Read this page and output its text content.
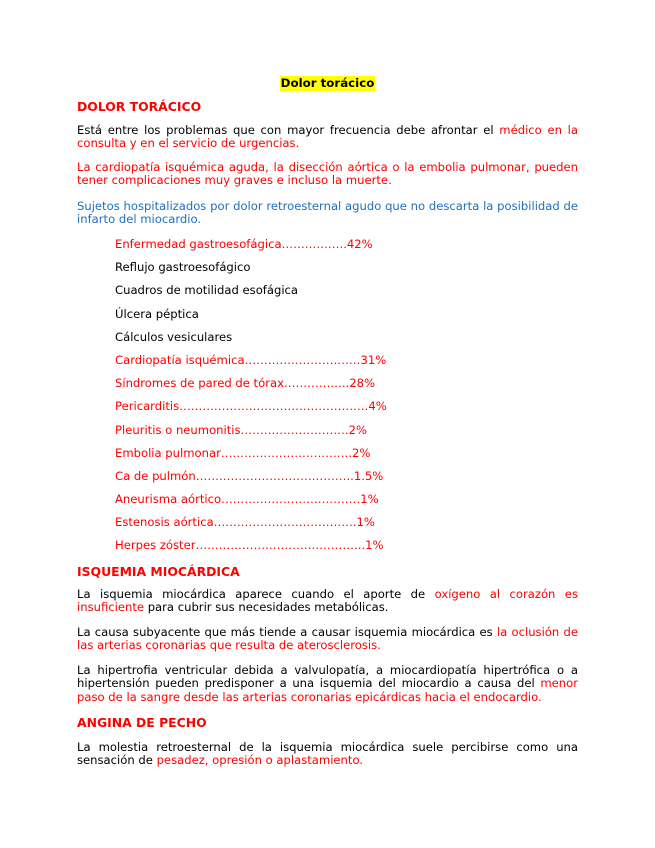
Dolor torácico
DOLOR TORÁCICO

Está entre los problemas que con mayor frecuencia debe afrontar el médico en la consulta y en el servicio de urgencias.

La cardiopatía isquémica aguda, la disección aórtica o la embolia pulmonar, pueden tener complicaciones muy graves e incluso la muerte.

Sujetos hospitalizados por dolor retroesternal agudo que no descarta la posibilidad de infarto del miocardio.

Enfermedad gastroesofágica……………..42%
Reflujo gastroesofágico
Cuadros de motilidad esofágica
Úlcera péptica
Cálculos vesiculares
Cardiopatía isquémica…………………………31%
Síndromes de pared de tórax……………..28%
Pericarditis………………………………………….4%
Pleuritis o neumonitis……………………….2%
Embolia pulmonar…………………………….2%
Ca de pulmón…………………………………..1.5%
Aneurisma aórtico………………………………1%
Estenosis aórtica……………………………….1%
Herpes zóster……………………………………..1%
ISQUEMIA MIOCÁRDICA

La isquemia miocárdica aparece cuando el aporte de oxígeno al corazón es insuficiente para cubrir sus necesidades metabólicas.

La causa subyacente que más tiende a causar isquemia miocárdica es la oclusión de las arterias coronarias que resulta de aterosclerosis.

La hipertrofia ventricular debida a valvulopatía, a miocardiopatía hipertrófica o a hipertensión pueden predisponer a una isquemia del miocardio a causa del menor paso de la sangre desde las arterias coronarias epicárdicas hacia el endocardio.

ANGINA DE PECHO

La molestia retroesternal de la isquemia miocárdica suele percibirse como una sensación de pesadez, opresión o aplastamiento.
